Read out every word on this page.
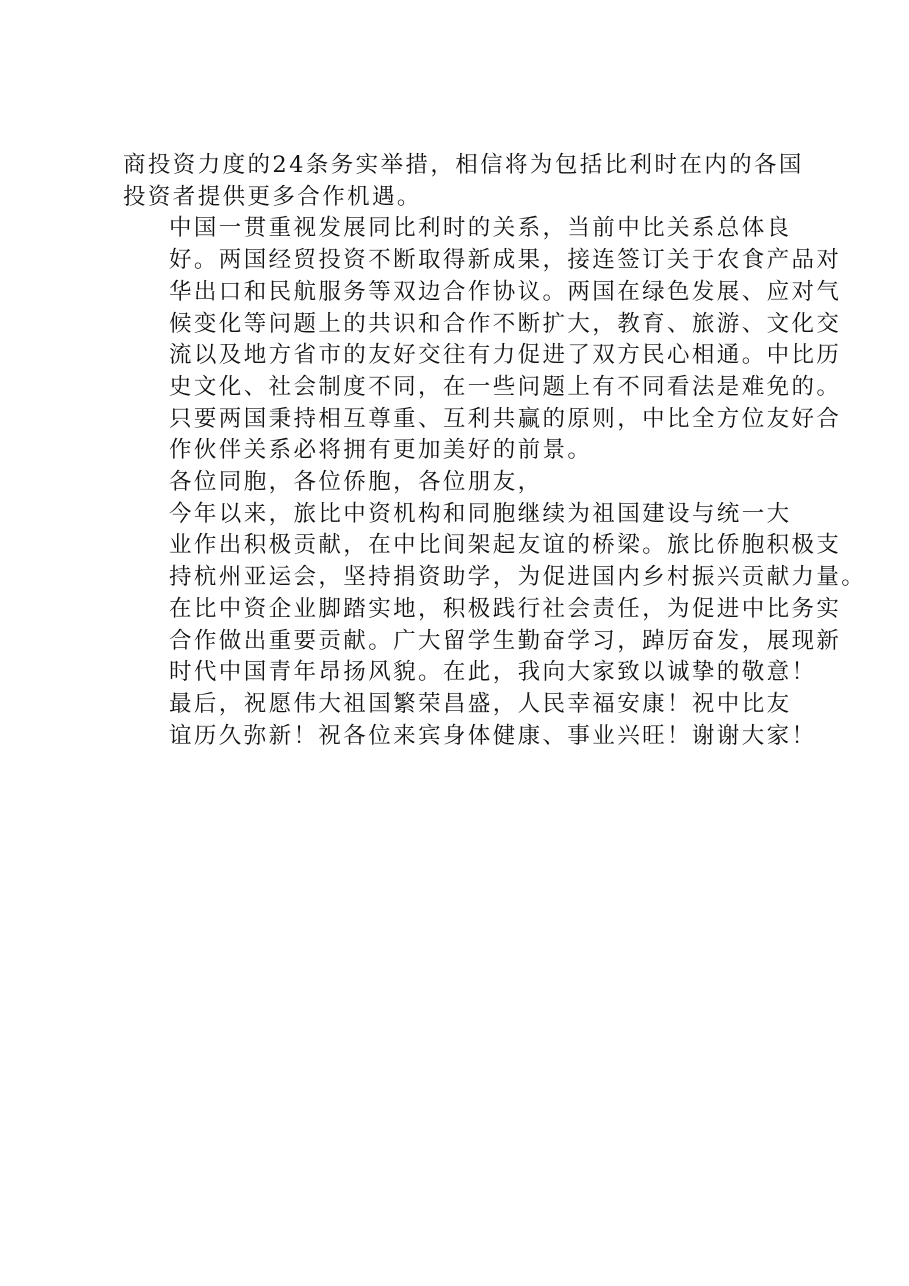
商投资力度的24条务实举措，相信将为包括比利时在内的各国
投资者提供更多合作机遇。

中国一贯重视发展同比利时的关系，当前中比关系总体良
好。两国经贸投资不断取得新成果，接连签订关于农食产品对
华出口和民航服务等双边合作协议。两国在绿色发展、应对气
候变化等问题上的共识和合作不断扩大，教育、旅游、文化交
流以及地方省市的友好交往有力促进了双方民心相通。中比历
史文化、社会制度不同，在一些问题上有不同看法是难免的。
只要两国秉持相互尊重、互利共赢的原则，中比全方位友好合
作伙伴关系必将拥有更加美好的前景。

各位同胞，各位侨胞，各位朋友，

今年以来，旅比中资机构和同胞继续为祖国建设与统一大
业作出积极贡献，在中比间架起友谊的桥梁。旅比侨胞积极支
持杭州亚运会，坚持捐资助学，为促进国内乡村振兴贡献力量。
在比中资企业脚踏实地，积极践行社会责任，为促进中比务实
合作做出重要贡献。广大留学生勤奋学习，踔厉奋发，展现新
时代中国青年昂扬风貌。在此，我向大家致以诚挚的敬意！

最后，祝愿伟大祖国繁荣昌盛，人民幸福安康！祝中比友
谊历久弥新！祝各位来宾身体健康、事业兴旺！谢谢大家！
